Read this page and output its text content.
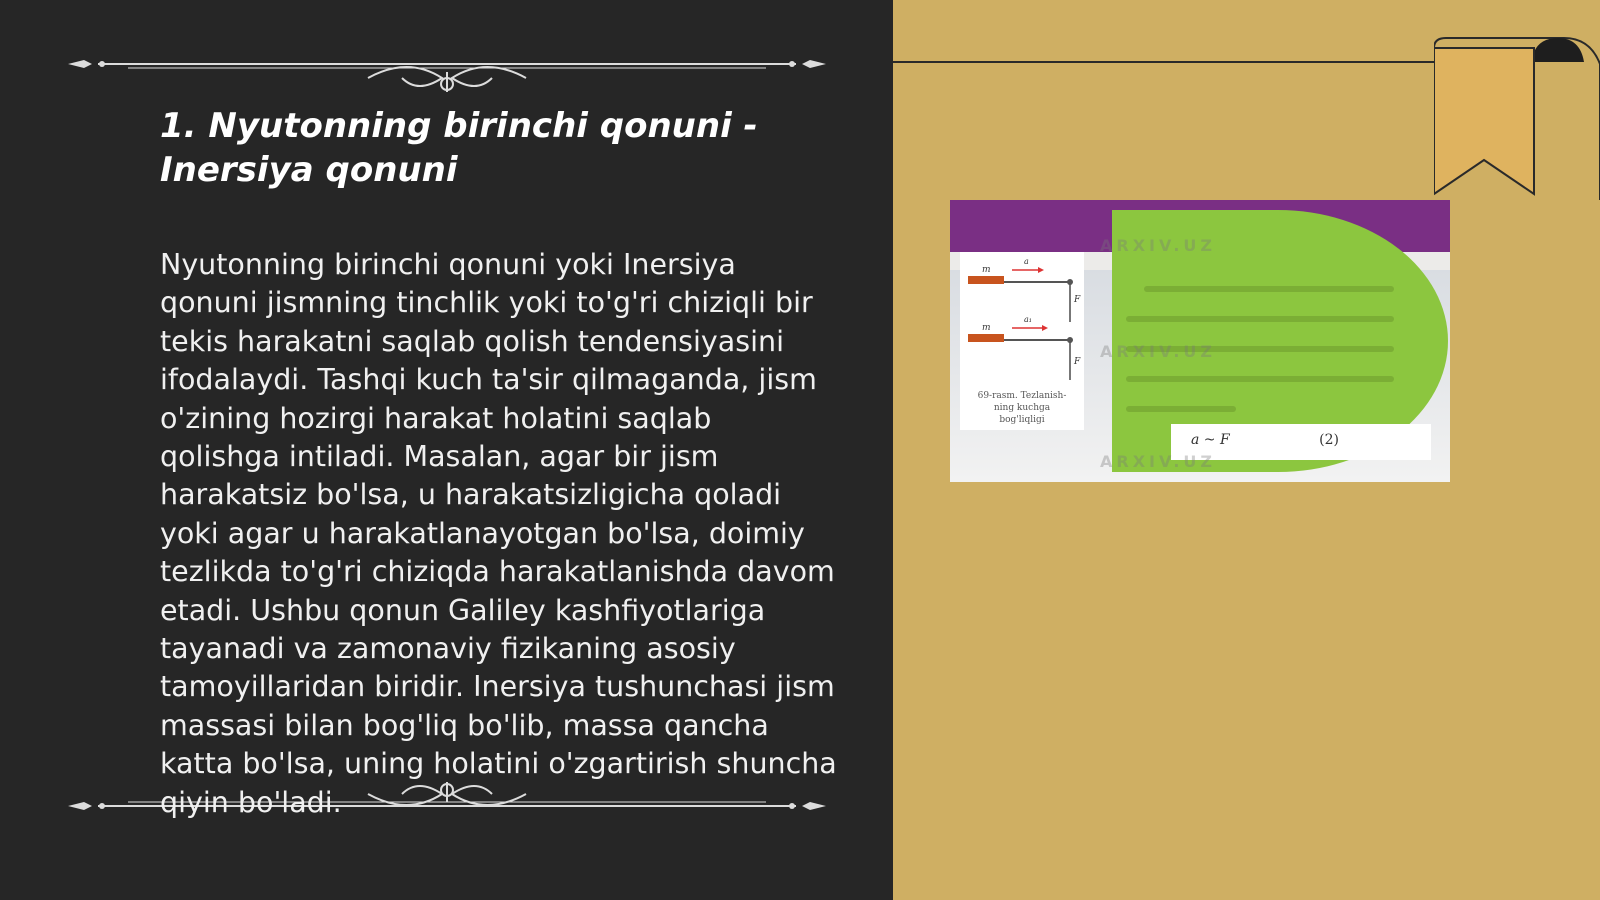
1. Nyutonning birinchi qonuni - Inersiya qonuni

Nyutonning birinchi qonuni yoki Inersiya qonuni jismning tinchlik yoki to'g'ri chiziqli bir tekis harakatni saqlab qolish tendensiyasini ifodalaydi. Tashqi kuch ta'sir qilmaganda, jism o'zining hozirgi harakat holatini saqlab qolishga intiladi. Masalan, agar bir jism harakatsiz bo'lsa, u harakatsizligicha qoladi yoki agar u harakatlanayotgan bo'lsa, doimiy tezlikda to'g'ri chiziqda harakatlanishda davom etadi. Ushbu qonun Galiley kashfiyotlariga tayanadi va zamonaviy fizikaning asosiy tamoyillaridan biridir. Inersiya tushunchasi jism massasi bilan bog'liq bo'lib, massa qancha katta bo'lsa, uning holatini o'zgartirish shuncha qiyin bo'ladi.

m
a
F
m
a₁
F
69-rasm. Tezlanish-ning kuchga bog'liqligi
a ~ F	(2)
ARXIV.UZ
ARXIV.UZ
ARXIV.UZ
